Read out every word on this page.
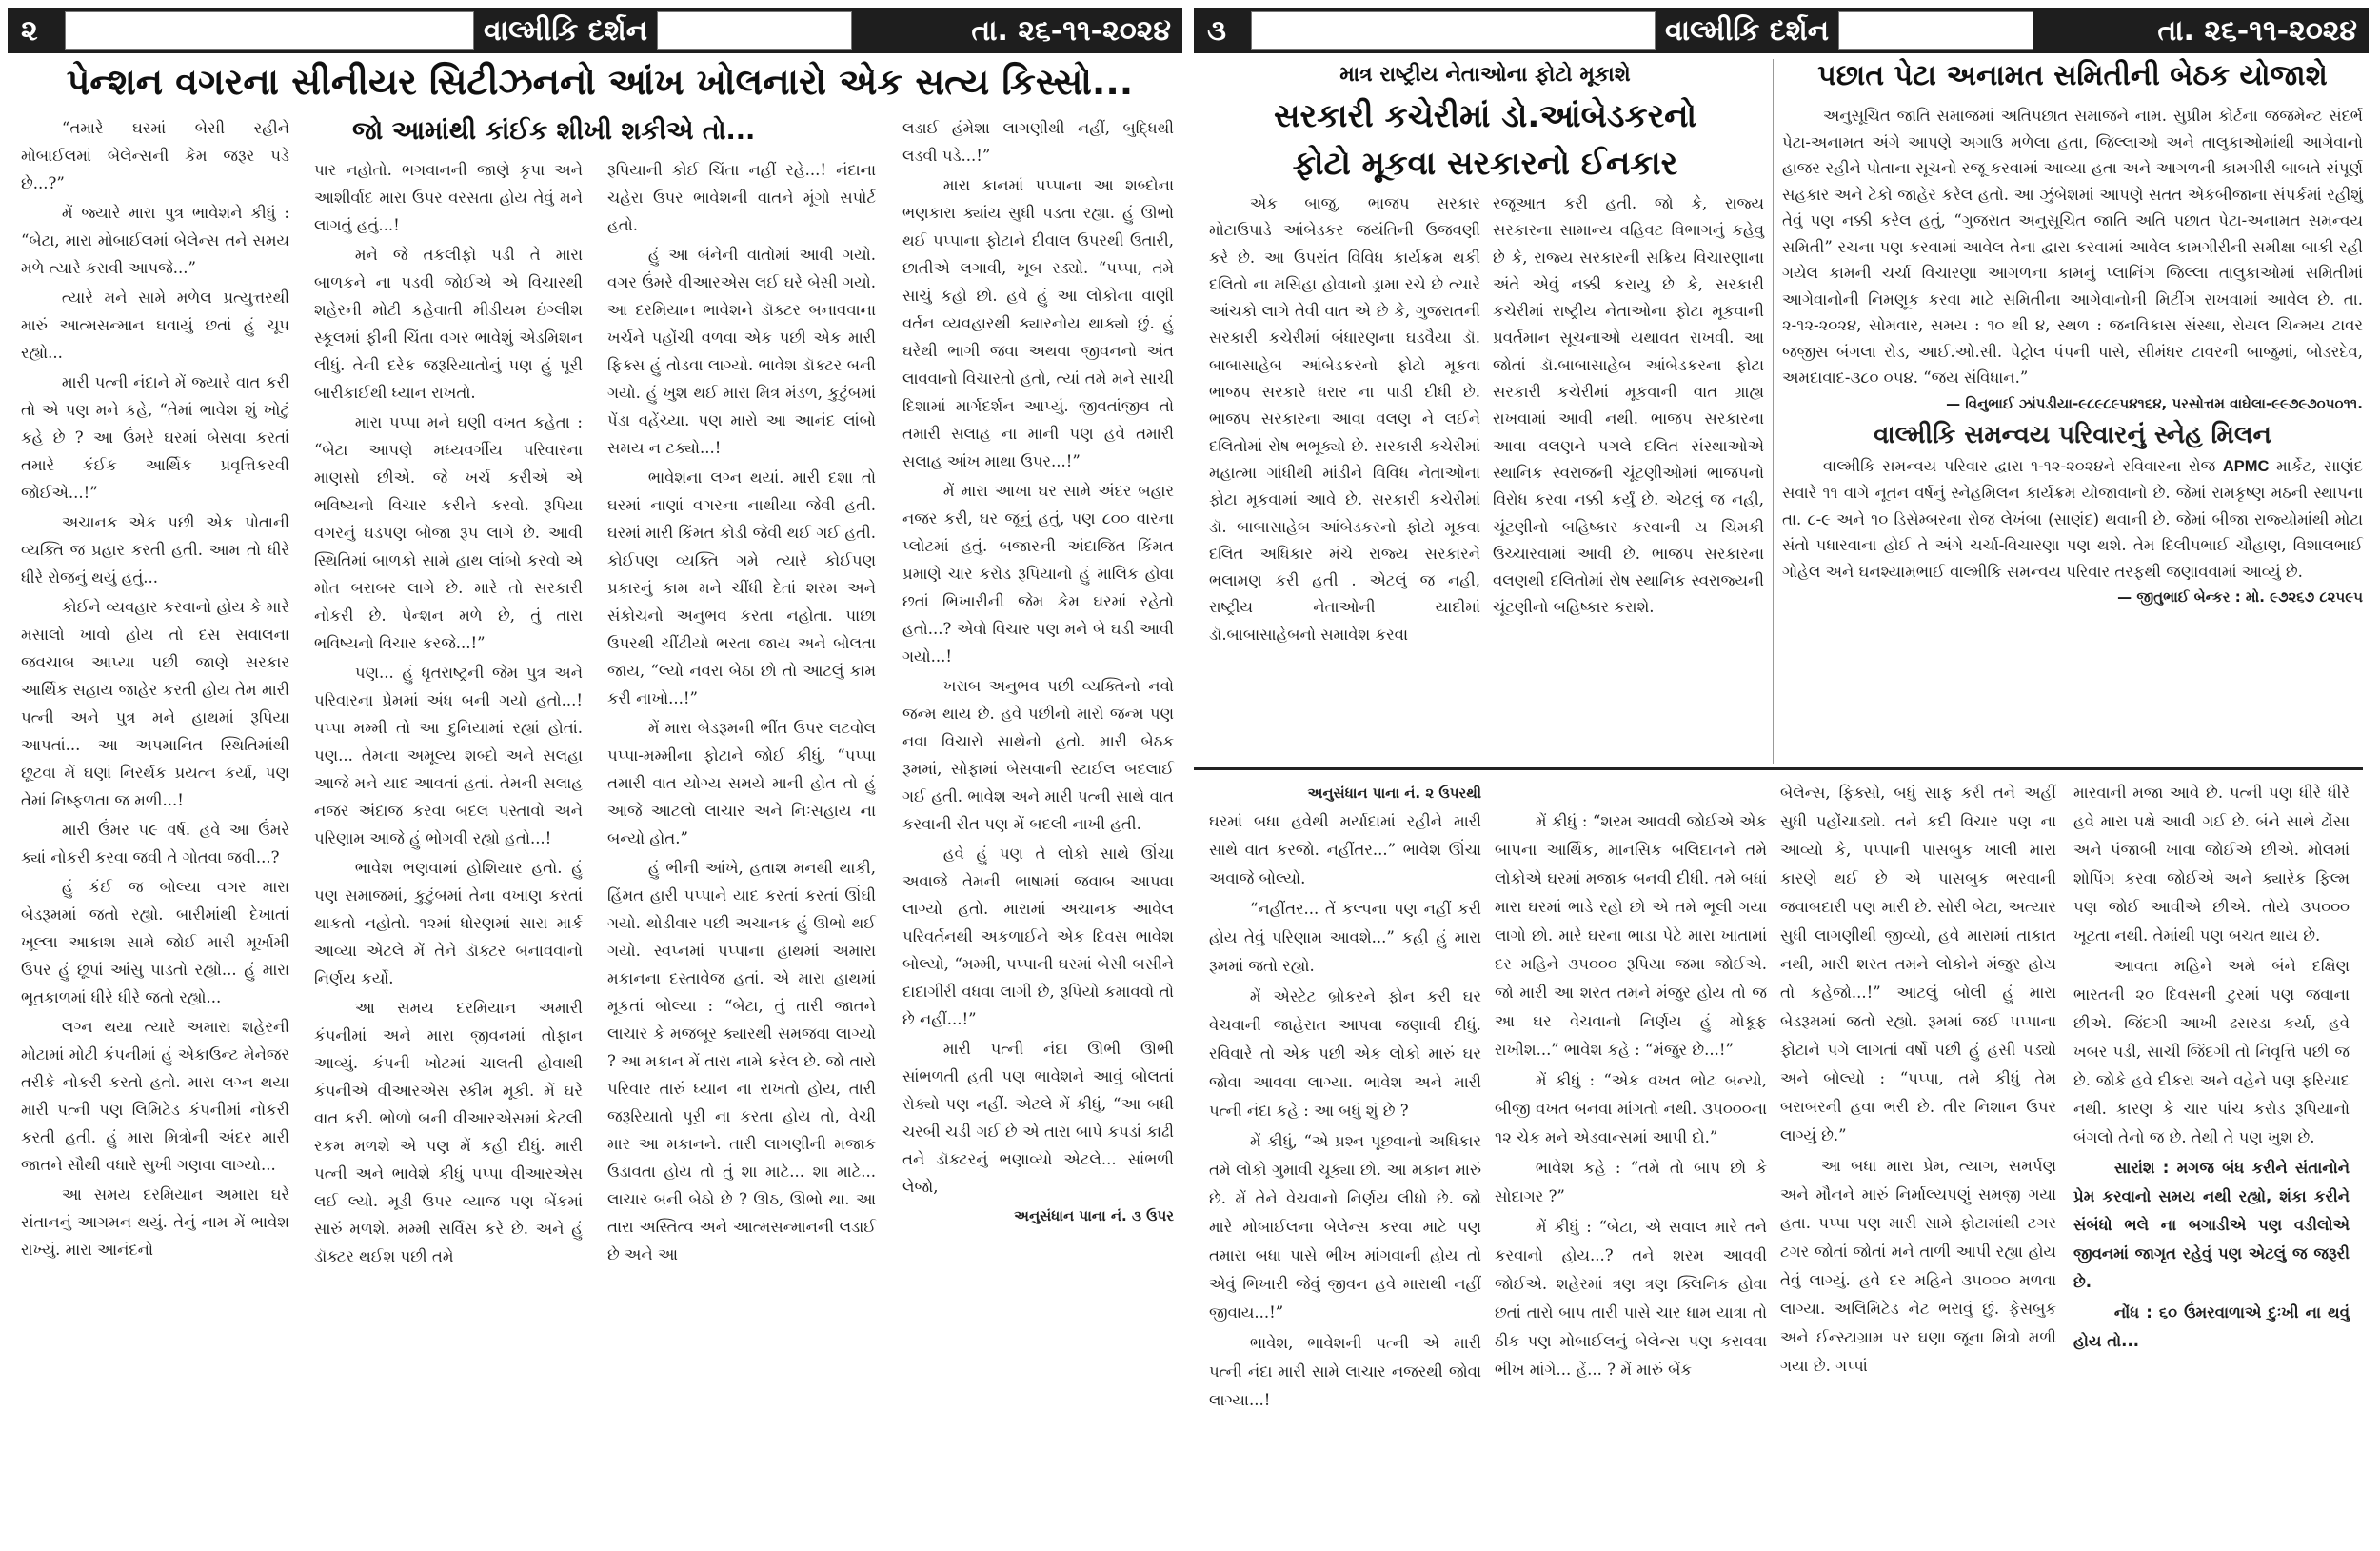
૨	વાલ્મીકિ દર્શન	તા. ૨૬-૧૧-૨૦૨૪
પેન્શન વગરના સીનીયર સિટીઝનનો આંખ ખોલનારો એક સત્ય કિસ્સો...

“તમારે ઘરમાં બેસી રહીને મોબાઈલમાં બેલેન્સની કેમ જરૂર પડે છે...?”

મેં જ્યારે મારા પુત્ર ભાવેશને કીધું : “બેટા, મારા મોબાઈલમાં બેલેન્સ તને સમય મળે ત્યારે કરાવી આપજે...”

ત્યારે મને સામે મળેલ પ્રત્યુત્તરથી મારું આત્મસન્માન ઘવાયું છતાં હું ચૂપ રહ્યો...

મારી પત્ની નંદાને મેં જ્યારે વાત કરી તો એ પણ મને કહે, “તેમાં ભાવેશ શું ખોટું કહે છે ? આ ઉંમરે ઘરમાં બેસવા કરતાં તમારે કંઈક આર્થિક પ્રવૃત્તિકરવી જોઈએ...!”

અચાનક એક પછી એક પોતાની વ્યક્તિ જ પ્રહાર કરતી હતી. આમ તો ધીરે ધીરે રોજનું થયું હતું...

કોઈને વ્યવહાર કરવાનો હોય કે મારે મસાલો ખાવો હોય તો દસ સવાલના જવચાબ આપ્યા પછી જાણે સરકાર આર્થિક સહાય જાહેર કરતી હોય તેમ મારી પત્ની અને પુત્ર મને હાથમાં રૂપિયા આપતાં... આ અપમાનિત સ્થિતિમાંથી છૂટવા મેં ઘણાં નિરર્થક પ્રયત્ન કર્યા, પણ તેમાં નિષ્ફળતા જ મળી...!

મારી ઉંમર ૫૯ વર્ષ. હવે આ ઉંમરે ક્યાં નોકરી કરવા જવી તે ગોતવા જવી...?

હું કંઈ જ બોલ્યા વગર મારા બેડરૂમમાં જતો રહ્યો. બારીમાંથી દેખાતાં ખૂલ્લા આકાશ સામે જોઈ મારી મૂર્ખામી ઉપર હું છૂપાં આંસુ પાડતો રહ્યો... હું મારા ભૂતકાળમાં ધીરે ધીરે જતો રહ્યો...

લગ્ન થયા ત્યારે અમારા શહેરની મોટામાં મોટી કંપનીમાં હું એકાઉન્ટ મેનેજર તરીકે નોકરી કરતો હતો. મારા લગ્ન થયા મારી પત્ની પણ લિમિટેડ કંપનીમાં નોકરી કરતી હતી. હું મારા મિત્રોની અંદર મારી જાતને સૌથી વધારે સુખી ગણવા લાગ્યો...

આ સમય દરમિયાન અમારા ઘરે સંતાનનું આગમન થયું. તેનું નામ મેં ભાવેશ રાખ્યું. મારા આનંદનો

જો આમાંથી કાંઈક શીખી શકીએ તો...

પાર નહોતો. ભગવાનની જાણે કૃપા અને આશીર્વાદ મારા ઉપર વરસતા હોય તેવું મને લાગતું હતું...!

મને જે તકલીફો પડી તે મારા બાળકને ના પડવી જોઈએ એ વિચારથી શહેરની મોટી કહેવાતી મીડીયમ ઇંગ્લીશ સ્કૂલમાં ફીની ચિંતા વગર ભાવેશું એડમિશન લીધું. તેની દરેક જરૂરિયાતોનું પણ હું પૂરી બારીકાઈથી ધ્યાન રાખતો.

મારા પપ્પા મને ઘણી વખત કહેતા : “બેટા આપણે મધ્યવર્ગીય પરિવારના માણસો છીએ. જે ખર્ચ કરીએ એ ભવિષ્યનો વિચાર કરીને કરવો. રૂપિયા વગરનું ઘડપણ બોજા રૂપ લાગે છે. આવી સ્થિતિમાં બાળકો સામે હાથ લાંબો કરવો એ મોત બરાબર લાગે છે. મારે તો સરકારી નોકરી છે. પેન્શન મળે છે, તું તારા ભવિષ્યનો વિચાર કરજે...!”

પણ... હું ધૃતરાષ્ટ્રની જેમ પુત્ર અને પરિવારના પ્રેમમાં અંધ બની ગયો હતો...! પપ્પા મમ્મી તો આ દુનિયામાં રહ્યાં હોતાં. પણ... તેમના અમૂલ્ય શબ્દો અને સલહા આજે મને યાદ આવતાં હતાં. તેમની સલાહ નજર અંદાજ કરવા બદલ પસ્તાવો અને પરિણામ આજે હું ભોગવી રહ્યો હતો...!

ભાવેશ ભણવામાં હોશિયાર હતો. હું પણ સમાજમાં, કુટુંબમાં તેના વખાણ કરતાં થાકતો નહોતો. ૧૨માં ધોરણમાં સારા માર્ક આવ્યા એટલે મેં તેને ડૉક્ટર બનાવવાનો નિર્ણય કર્યો.

આ સમય દરમિયાન અમારી કંપનીમાં અને મારા જીવનમાં તોફાન આવ્યું. કંપની ખોટમાં ચાલતી હોવાથી કંપનીએ વીઆરએસ સ્કીમ મૂકી. મેં ઘરે વાત કરી. ભોળો બની વીઆરએસમાં કેટલી રકમ મળશે એ પણ મેં કહી દીધું. મારી પત્ની અને ભાવેશે કીધું પપ્પા વીઆરએસ લઈ લ્યો. મૂડી ઉપર વ્યાજ પણ બેંકમાં સારું મળશે. મમ્મી સર્વિસ કરે છે. અને હું ડૉક્ટર થઈશ પછી તમે

રૂપિયાની કોઈ ચિંતા નહીં રહે...! નંદાના ચહેરા ઉપર ભાવેશની વાતને મૂંગો સપોર્ટ હતો.

હું આ બંનેની વાતોમાં આવી ગયો. વગર ઉંમરે વીઆરએસ લઈ ઘરે બેસી ગયો. આ દરમિયાન ભાવેશને ડૉક્ટર બનાવવાના ખર્ચને પહોંચી વળવા એક પછી એક મારી ફિક્સ હું તોડવા લાગ્યો. ભાવેશ ડૉક્ટર બની ગયો. હું ખુશ થઈ મારા મિત્ર મંડળ, કુટુંબમાં પેંડા વહેંચ્યા. પણ મારો આ આનંદ લાંબો સમય ન ટક્યો...!

ભાવેશના લગ્ન થયાં. મારી દશા તો ઘરમાં નાણાં વગરના નાથીયા જેવી હતી. ઘરમાં મારી કિંમત કોડી જેવી થઈ ગઈ હતી. કોઈપણ વ્યક્તિ ગમે ત્યારે કોઈપણ પ્રકારનું કામ મને ચીંધી દેતાં શરમ અને સંકોચનો અનુભવ કરતા નહોતા. પાછા ઉપરથી ચીંટીયો ભરતા જાય અને બોલતા જાય, “લ્યો નવરા બેઠા છો તો આટલું કામ કરી નાખો...!”

મેં મારા બેડરૂમની ભીંત ઉપર લટવોલ પપ્પા-મમ્મીના ફોટાને જોઈ કીધું, “પપ્પા તમારી વાત યોગ્ય સમયે માની હોત તો હું આજે આટલો લાચાર અને નિઃસહાય ના બન્યો હોત.”

હું ભીની આંખે, હતાશ મનથી થાકી, હિંમત હારી પપ્પાને યાદ કરતાં કરતાં ઊંઘી ગયો. થોડીવાર પછી અચાનક હું ઊભો થઈ ગયો. સ્વપ્નમાં પપ્પાના હાથમાં અમારા મકાનના દસ્તાવેજ હતાં. એ મારા હાથમાં મૂકતાં બોલ્યા : “બેટા, તું તારી જાતને લાચાર કે મજબૂર ક્યારથી સમજવા લાગ્યો ? આ મકાન મેં તારા નામે કરેલ છે. જો તારો પરિવાર તારું ધ્યાન ના રાખતો હોય, તારી જરૂરિયાતો પૂરી ના કરતા હોય તો, વેચી માર આ મકાનને. તારી લાગણીની મજાક ઉડાવતા હોય તો તું શા માટે... શા માટે... લાચાર બની બેઠો છે ? ઊઠ, ઊભો થા. આ તારા અસ્તિત્વ અને આત્મસન્માનની લડાઈ છે અને આ

લડાઈ હંમેશા લાગણીથી નહીં, બુદ્ધિથી લડવી પડે...!”

મારા કાનમાં પપ્પાના આ શબ્દોના ભણકારા ક્યાંય સુધી પડતા રહ્યા. હું ઊભો થઈ પપ્પાના ફોટાને દીવાલ ઉપરથી ઉતારી, છાતીએ લગાવી, ખૂબ રડ્યો. “પપ્પા, તમે સાચું કહો છો. હવે હું આ લોકોના વાણી વર્તન વ્યવહારથી ક્યારનોય થાક્યો છું. હું ઘરેથી ભાગી જવા અથવા જીવનનો અંત લાવવાનો વિચારતો હતો, ત્યાં તમે મને સાચી દિશામાં માર્ગદર્શન આપ્યું. જીવતાંજીવ તો તમારી સલાહ ના માની પણ હવે તમારી સલાહ આંખ માથા ઉપર...!”

મેં મારા આખા ઘર સામે અંદર બહાર નજર કરી, ઘર જૂનું હતું, પણ ૮૦૦ વારના પ્લોટમાં હતું. બજારની અંદાજિત કિંમત પ્રમાણે ચાર કરોડ રૂપિયાનો હું માલિક હોવા છતાં ભિખારીની જેમ કેમ ઘરમાં રહેતો હતો...? એવો વિચાર પણ મને બે ઘડી આવી ગયો...!

ખરાબ અનુભવ પછી વ્યક્તિનો નવો જન્મ થાય છે. હવે પછીનો મારો જન્મ પણ નવા વિચારો સાથેનો હતો. મારી બેઠક રૂમમાં, સોફામાં બેસવાની સ્ટાઈલ બદલાઈ ગઈ હતી. ભાવેશ અને મારી પત્ની સાથે વાત કરવાની રીત પણ મેં બદલી નાખી હતી.

હવે હું પણ તે લોકો સાથે ઊંચા અવાજે તેમની ભાષામાં જવાબ આપવા લાગ્યો હતો. મારામાં અચાનક આવેલ પરિવર્તનથી અકળાઈને એક દિવસ ભાવેશ બોલ્યો, “મમ્મી, પપ્પાની ઘરમાં બેસી બસીને દાદાગીરી વધવા લાગી છે, રૂપિયો કમાવવો તો છે નહીં...!”

મારી પત્ની નંદા ઊભી ઊભી સાંભળતી હતી પણ ભાવેશને આવું બોલતાં રોક્યો પણ નહીં. એટલે મેં કીધું, “આ બધી ચરબી ચડી ગઈ છે એ તારા બાપે કપડાં કાઢી તને ડૉક્ટરનું ભણાવ્યો એટલે... સાંભળી લેજો,

અનુસંધાન પાના નં. ૩ ઉપર
૩	વાલ્મીકિ દર્શન	તા. ૨૬-૧૧-૨૦૨૪
માત્ર રાષ્ટ્રીય નેતાઓના ફોટો મૂકાશે
સરકારી કચેરીમાં ડો.આંબેડકરનો
ફોટો મૂકવા સરકારનો ઈનકાર

એક બાજુ, ભાજપ સરકાર મોટાઉપાડે આંબેડકર જયંતિની ઉજવણી કરે છે. આ ઉપરાંત વિવિધ કાર્યક્રમ થકી દલિતો ના મસિહા હોવાનો ડ્રામા રચે છે ત્યારે આંચકો લાગે તેવી વાત એ છે કે, ગુજરાતની સરકારી કચેરીમાં બંધારણના ઘડવૈયા ડૉ. બાબાસાહેબ આંબેડકરનો ફોટો મૂકવા ભાજપ સરકારે ધરાર ના પાડી દીધી છે. ભાજપ સરકારના આવા વલણ ને લઈને દલિતોમાં રોષ ભભૂક્યો છે. સરકારી કચેરીમાં મહાત્મા ગાંધીથી માંડીને વિવિધ નેતાઓના ફોટા મૂકવામાં આવે છે. સરકારી કચેરીમાં ડૉ. બાબાસાહેબ આંબેડકરનો ફોટો મૂકવા દલિત અધિકાર મંચે રાજ્ય સરકારને ભલામણ કરી હતી . એટલું જ નહી, રાષ્ટ્રીય નેતાઓની યાદીમાં ડૉ.બાબાસાહેબનો સમાવેશ કરવા

રજૂઆત કરી હતી. જો કે, રાજ્ય સરકારના સામાન્ય વહિવટ વિભાગનું કહેવુ છે કે, રાજ્ય સરકારની સક્રિય વિચારણાના અંતે એવું નક્કી કરાયુ છે કે, સરકારી કચેરીમાં રાષ્ટ્રીય નેતાઓના ફોટા મૂકવાની પ્રવર્તમાન સૂચનાઓ યથાવત રાખવી. આ જોતાં ડૉ.બાબાસાહેબ આંબેડકરના ફોટા સરકારી કચેરીમાં મૂકવાની વાત ગ્રાહ્ય રાખવામાં આવી નથી. ભાજપ સરકારના આવા વલણને પગલે દલિત સંસ્થાઓએ સ્થાનિક સ્વરાજની ચૂંટણીઓમાં ભાજપનો વિરોધ કરવા નક્કી કર્યું છે. એટલું જ નહી, ચૂંટણીનો બહિષ્કાર કરવાની ય ચિમકી ઉચ્ચારવામાં આવી છે. ભાજપ સરકારના વલણથી દલિતોમાં રોષ સ્થાનિક સ્વરાજ્યની ચૂંટણીનો બહિષ્કાર કરાશે.

પછાત પેટા અનામત સમિતીની બેઠક યોજાશે

અનુસૂચિત જાતિ સમાજમાં અતિપછાત સમાજને નામ. સુપ્રીમ કોર્ટના જજમેન્ટ સંદર્ભ પેટા-અનામત અંગે આપણે અગાઉ મળેલા હતા, જિલ્લાઓ અને તાલુકાઓમાંથી આગેવાનો હાજર રહીને પોતાના સૂચનો રજૂ કરવામાં આવ્યા હતા અને આગળની કામગીરી બાબતે સંપૂર્ણ સહકાર અને ટેકો જાહેર કરેલ હતો. આ ઝુંબેશમાં આપણે સતત એકબીજાના સંપર્કમાં રહીશું તેવું પણ નક્કી કરેલ હતું, “ગુજરાત અનુસૂચિત જાતિ અતિ પછાત પેટા-અનામત સમન્વય સમિતી” રચના પણ કરવામાં આવેલ તેના દ્વારા કરવામાં આવેલ કામગીરીની સમીક્ષા બાકી રહી ગયેલ કામની ચર્ચા વિચારણા આગળના કામનું પ્લાનિંગ જિલ્લા તાલુકાઓમાં સમિતીમાં આગેવાનોની નિમણૂક કરવા માટે સમિતીના આગેવાનોની મિટીંગ રાખવામાં આવેલ છે. તા. ૨-૧૨-૨૦૨૪, સોમવાર, સમય : ૧૦ થી ૪, સ્થળ : જનવિકાસ સંસ્થા, રોયલ ચિન્મય ટાવર જજીસ બંગલા રોડ, આઈ.ઓ.સી. પેટ્રોલ પંપની પાસે, સીમંધર ટાવરની બાજુમાં, બોડરદેવ, અમદાવાદ-૩૮૦ ૦૫૪. “જય સંવિધાન.”

— વિનુભાઈ ઝાંપડીયા-૯૮૯૮૯૫૪૧૬૪, પરસોત્તમ વાઘેલા-૯૯૭૯૭૦૫૦૧૧.
વાલ્મીકિ સમન્વય પરિવારનું સ્નેહ મિલન

વાલ્મીકિ સમન્વય પરિવાર દ્વારા ૧-૧૨-૨૦૨૪ને રવિવારના રોજ APMC માર્કેટ, સાણંદ સવારે ૧૧ વાગે નૂતન વર્ષનું સ્નેહમિલન કાર્યક્રમ યોજાવાનો છે. જેમાં રામકૃષ્ણ મઠની સ્થાપના તા. ૮-૯ અને ૧૦ ડિસેમ્બરના રોજ લેખંબા (સાણંદ) થવાની છે. જેમાં બીજા રાજ્યોમાંથી મોટા સંતો પધારવાના હોઈ તે અંગે ચર્ચા-વિચારણા પણ થશે. તેમ દિલીપભાઈ ચૌહાણ, વિશાલભાઈ ગોહેલ અને ઘનશ્યામભાઈ વાલ્મીકિ સમન્વય પરિવાર તરફથી જણાવવામાં આવ્યું છે.

— જીતુભાઈ બેન્કર : મો. ૯૭૨૬૭ ૮૨૫૯૫
અનુસંધાન પાના નં. ૨ ઉપરથી

ઘરમાં બધા હવેથી મર્યાદામાં રહીને મારી સાથે વાત કરજો. નહીંતર...” ભાવેશ ઊંચા અવાજે બોલ્યો.

“નહીંતર... તેં કલ્પના પણ નહીં કરી હોય તેવું પરિણામ આવશે...” કહી હું મારા રૂમમાં જતો રહ્યો.

મેં એસ્ટેટ બ્રોકરને ફોન કરી ઘર વેચવાની જાહેરાત આપવા જણાવી દીધું. રવિવારે તો એક પછી એક લોકો મારું ઘર જોવા આવવા લાગ્યા. ભાવેશ અને મારી પત્ની નંદા કહે : આ બધું શું છે ?

મેં કીધું, “એ પ્રશ્ન પૂછવાનો અધિકાર તમે લોકો ગુમાવી ચૂક્યા છો. આ મકાન મારું છે. મેં તેને વેચવાનો નિર્ણય લીધો છે. જો મારે મોબાઈલના બેલેન્સ કરવા માટે પણ તમારા બધા પાસે ભીખ માંગવાની હોય તો એવું ભિખારી જેવું જીવન હવે મારાથી નહીં જીવાય...!”

ભાવેશ, ભાવેશની પત્ની એ મારી પત્ની નંદા મારી સામે લાચાર નજરથી જોવા લાગ્યા...!

મેં કીધું : “શરમ આવવી જોઈએ એક બાપના આર્થિક, માનસિક બલિદાનને તમે લોકોએ ઘરમાં મજાક બનવી દીધી. તમે બધાં મારા ઘરમાં ભાડે રહો છો એ તમે ભૂલી ગયા લાગો છો. મારે ઘરના ભાડા પેટે મારા ખાતામાં દર મહિને ૩૫૦૦૦ રૂપિયા જમા જોઈએ. જો મારી આ શરત તમને મંજુર હોય તો જ આ ઘર વેચવાનો નિર્ણય હું મોકૂફ રાખીશ...” ભાવેશ કહે : “મંજુર છે...!”

મેં કીધું : “એક વખત ભોટ બન્યો, બીજી વખત બનવા માંગતો નથી. ૩૫૦૦૦ના ૧૨ ચેક મને એડવાન્સમાં આપી દો.”

ભાવેશ કહે : “તમે તો બાપ છો કે સોદાગર ?”

મેં કીધું : “બેટા, એ સવાલ મારે તને કરવાનો હોય...? તને શરમ આવવી જોઈએ. શહેરમાં ત્રણ ત્રણ ક્લિનિક હોવા છતાં તારો બાપ તારી પાસે ચાર ધામ યાત્રા તો ઠીક પણ મોબાઈલનું બેલેન્સ પણ કરાવવા ભીખ માંગે... હેં... ? મેં મારું બેંક

બેલેન્સ, ફિક્સો, બધું સાફ કરી તને અહીં સુધી પહોંચાડ્યો. તને કદી વિચાર પણ ના આવ્યો કે, પપ્પાની પાસબુક ખાલી મારા કારણે થઈ છે એ પાસબુક ભરવાની જવાબદારી પણ મારી છે. સોરી બેટા, અત્યાર સુધી લાગણીથી જીવ્યો, હવે મારામાં તાકાત નથી, મારી શરત તમને લોકોને મંજુર હોય તો કહેજો...!” આટલું બોલી હું મારા બેડરૂમમાં જતો રહ્યો. રૂમમાં જઈ પપ્પાના ફોટાને પગે લાગતાં વર્ષો પછી હું હસી પડ્યો અને બોલ્યો : “પપ્પા, તમે કીધું તેમ બરાબરની હવા ભરી છે. તીર નિશાન ઉપર લાગ્યું છે.”

આ બધા મારા પ્રેમ, ત્યાગ, સમર્પણ અને મૌનને મારું નિર્માલ્યપણું સમજી ગયા હતા. પપ્પા પણ મારી સામે ફોટામાંથી ટગર ટગર જોતાં જોતાં મને તાળી આપી રહ્યા હોય તેવું લાગ્યું. હવે દર મહિને ૩૫૦૦૦ મળવા લાગ્યા. અલિમિટેડ નેટ ભરાવું છું. ફેસબુક અને ઈન્સ્ટાગ્રામ પર ઘણા જૂના મિત્રો મળી ગયા છે. ગપ્પાં

મારવાની મજા આવે છે. પત્ની પણ ધીરે ધીરે હવે મારા પક્ષે આવી ગઈ છે. બંને સાથે ઢોંસા અને પંજાબી ખાવા જોઈએ છીએ. મોલમાં શોપિંગ કરવા જોઈએ અને ક્યારેક ફિલ્મ પણ જોઈ આવીએ છીએ. તોયે ૩૫૦૦૦ ખૂટતા નથી. તેમાંથી પણ બચત થાય છે.

આવતા મહિને અમે બંને દક્ષિણ ભારતની ૨૦ દિવસની ટુરમાં પણ જવાના છીએ. જિંદગી આખી ઢસરડા કર્યા, હવે ખબર પડી, સાચી જિંદગી તો નિવૃત્તિ પછી જ છે. જોકે હવે દીકરા અને વહેને પણ ફરિયાદ નથી. કારણ કે ચાર પાંચ કરોડ રૂપિયાનો બંગલો તેનો જ છે. તેથી તે પણ ખુશ છે.

સારાંશ : મગજ બંધ કરીને સંતાનોને પ્રેમ કરવાનો સમય નથી રહ્યો, શંકા કરીને સંબંધો ભલે ના બગાડીએ પણ વડીલોએ જીવનમાં જાગૃત રહેવું પણ એટલું જ જરૂરી છે.

નોંધ : ૬૦ ઉંમરવાળાએ દુઃખી ના થવું હોય તો...
